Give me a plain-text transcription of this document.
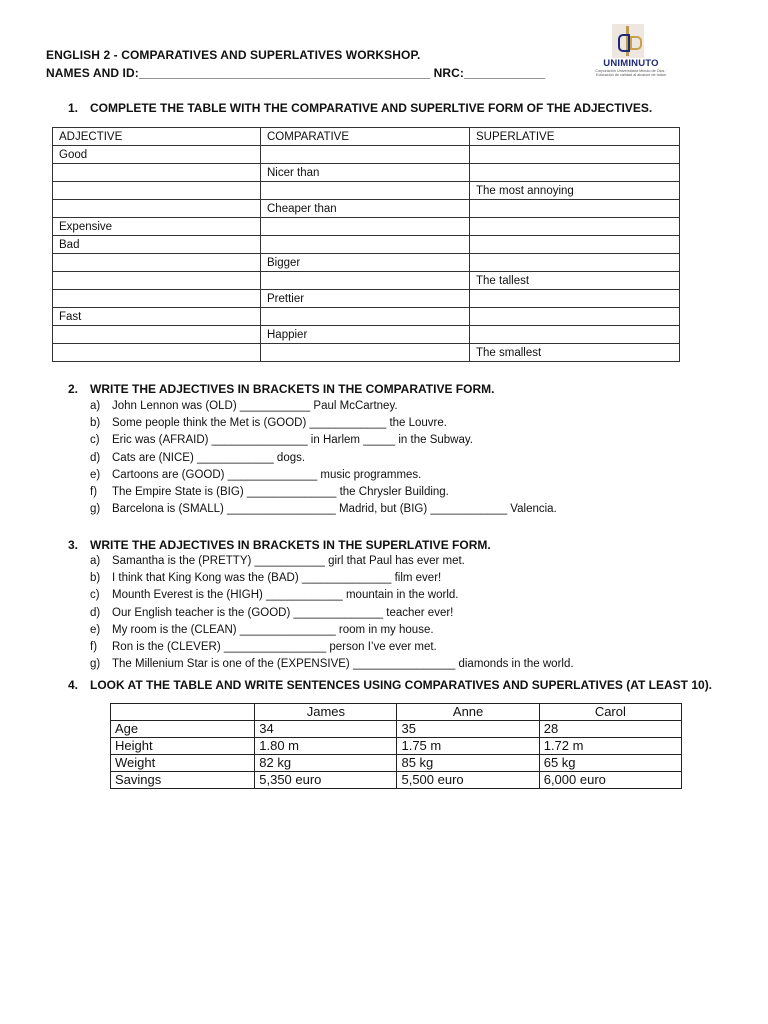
ENGLISH 2 - COMPARATIVES AND SUPERLATIVES WORKSHOP.
NAMES AND ID:___________________________________________ NRC:____________
UNIMINUTO
Corporación Universitaria Minuto de Dios · Educación de calidad al alcance de todos
1. COMPLETE THE TABLE WITH THE COMPARATIVE AND SUPERLTIVE FORM OF THE ADJECTIVES.
ADJECTIVE	COMPARATIVE	SUPERLATIVE
Good		
	Nicer than	
		The most annoying
	Cheaper than	
Expensive		
Bad		
	Bigger	
		The tallest
	Prettier	
Fast		
	Happier	
		The smallest
2. WRITE THE ADJECTIVES IN BRACKETS IN THE COMPARATIVE FORM.
a) John Lennon was (OLD) ___________ Paul McCartney.
b) Some people think the Met is (GOOD) ____________ the Louvre.
c) Eric was (AFRAID) _______________ in Harlem _____ in the Subway.
d) Cats are (NICE) ____________ dogs.
e) Cartoons are (GOOD) ______________ music programmes.
f) The Empire State is (BIG) ______________ the Chrysler Building.
g) Barcelona is (SMALL) _________________ Madrid, but (BIG) ____________ Valencia.
3. WRITE THE ADJECTIVES IN BRACKETS IN THE SUPERLATIVE FORM.
a) Samantha is the (PRETTY) ___________ girl that Paul has ever met.
b) I think that King Kong was the (BAD) ______________ film ever!
c) Mounth Everest is the (HIGH) ____________ mountain in the world.
d) Our English teacher is the (GOOD) ______________ teacher ever!
e) My room is the (CLEAN) _______________ room in my house.
f) Ron is the (CLEVER) ________________ person I’ve ever met.
g) The Millenium Star is one of the (EXPENSIVE) ________________ diamonds in the world.
4. LOOK AT THE TABLE AND WRITE SENTENCES USING COMPARATIVES AND SUPERLATIVES (AT LEAST 10).
	James	Anne	Carol
Age	34	35	28
Height	1.80 m	1.75 m	1.72 m
Weight	82 kg	85 kg	65 kg
Savings	5,350 euro	5,500 euro	6,000 euro
